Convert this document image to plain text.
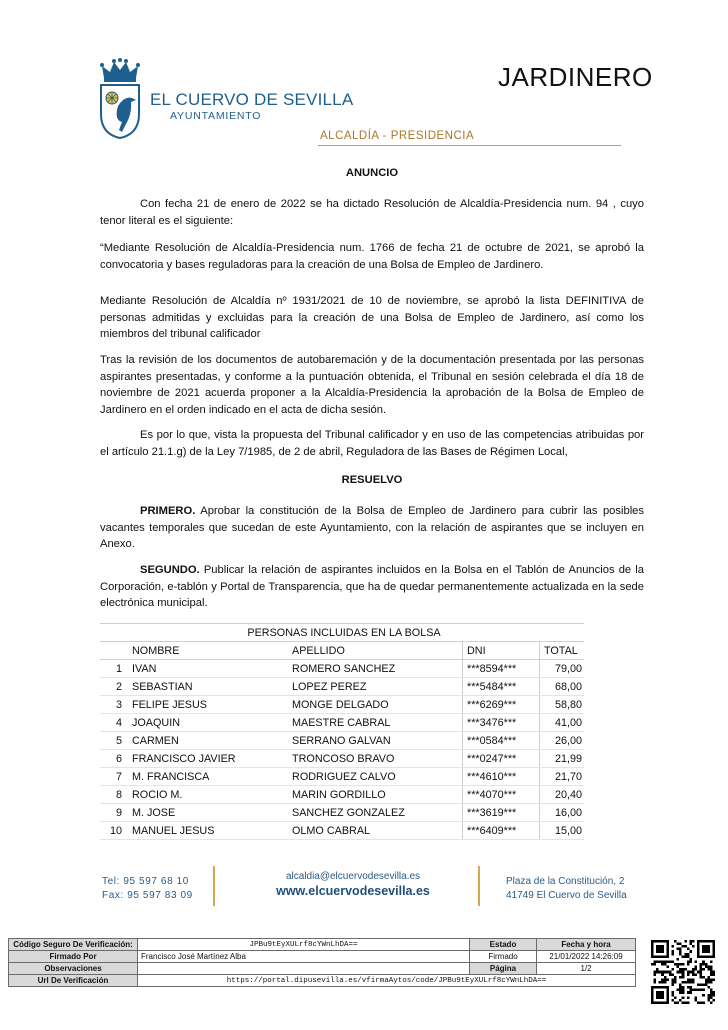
EL CUERVO DE SEVILLA
AYUNTAMIENTO
JARDINERO
ALCALDÍA - PRESIDENCIA
ANUNCIO
Con fecha 21 de enero de 2022 se ha dictado Resolución de Alcaldía-Presidencia num. 94 , cuyo tenor literal es el siguiente:
“Mediante Resolución de Alcaldía-Presidencia num. 1766 de fecha 21 de octubre de 2021, se aprobó la convocatoria y bases reguladoras para la creación de una Bolsa de Empleo de Jardinero.
Mediante Resolución de Alcaldía nº 1931/2021 de 10 de noviembre, se aprobó la lista DEFINITIVA de personas admitidas y excluidas para la creación de una Bolsa de Empleo de Jardinero, así como los miembros del tribunal calificador
Tras la revisión de los documentos de autobaremación y de la documentación presentada por las personas aspirantes presentadas, y conforme a la puntuación obtenida, el Tribunal en sesión celebrada el día 18 de noviembre de 2021 acuerda proponer a la Alcaldía-Presidencia la aprobación de la Bolsa de Empleo de Jardinero en el orden indicado en el acta de dicha sesión.
Es por lo que, vista la propuesta del Tribunal calificador y en uso de las competencias atribuidas por el artículo 21.1.g) de la Ley 7/1985, de 2 de abril, Reguladora de las Bases de Régimen Local,
RESUELVO
PRIMERO. Aprobar la constitución de la Bolsa de Empleo de Jardinero para cubrir las posibles vacantes temporales que sucedan de este Ayuntamiento, con la relación de aspirantes que se incluyen en Anexo.
SEGUNDO. Publicar la relación de aspirantes incluidos en la Bolsa en el Tablón de Anuncios de la Corporación, e-tablón y Portal de Transparencia, que ha de quedar permanentemente actualizada en la sede electrónica municipal.
PERSONAS INCLUIDAS EN LA BOLSA				
	NOMBRE	APELLIDO	DNI	TOTAL
1	IVAN	ROMERO SANCHEZ	***8594***	79,00
2	SEBASTIAN	LOPEZ PEREZ	***5484***	68,00
3	FELIPE JESUS	MONGE DELGADO	***6269***	58,80
4	JOAQUIN	MAESTRE CABRAL	***3476***	41,00
5	CARMEN	SERRANO GALVAN	***0584***	26,00
6	FRANCISCO JAVIER	TRONCOSO BRAVO	***0247***	21,99
7	M. FRANCISCA	RODRIGUEZ CALVO	***4610***	21,70
8	ROCIO M.	MARIN GORDILLO	***4070***	20,40
9	M. JOSE	SANCHEZ GONZALEZ	***3619***	16,00
10	MANUEL JESUS	OLMO CABRAL	***6409***	15,00
Tel: 95 597 68 10
Fax: 95 597 83 09
alcaldia@elcuervodesevilla.es
www.elcuervodesevilla.es
Plaza de la Constitución, 2
41749 El Cuervo de Sevilla
Código Seguro De Verificación:	JPBu9tEyXULrf8cYWnLhDA==	Estado	Fecha y hora
Firmado Por	Francisco José Martínez Alba	Firmado	21/01/2022 14:26:09
Observaciones		Página	1/2
Url De Verificación	https://portal.dipusevilla.es/vfirmaAytos/code/JPBu9tEyXULrf8cYWnLhDA==		
